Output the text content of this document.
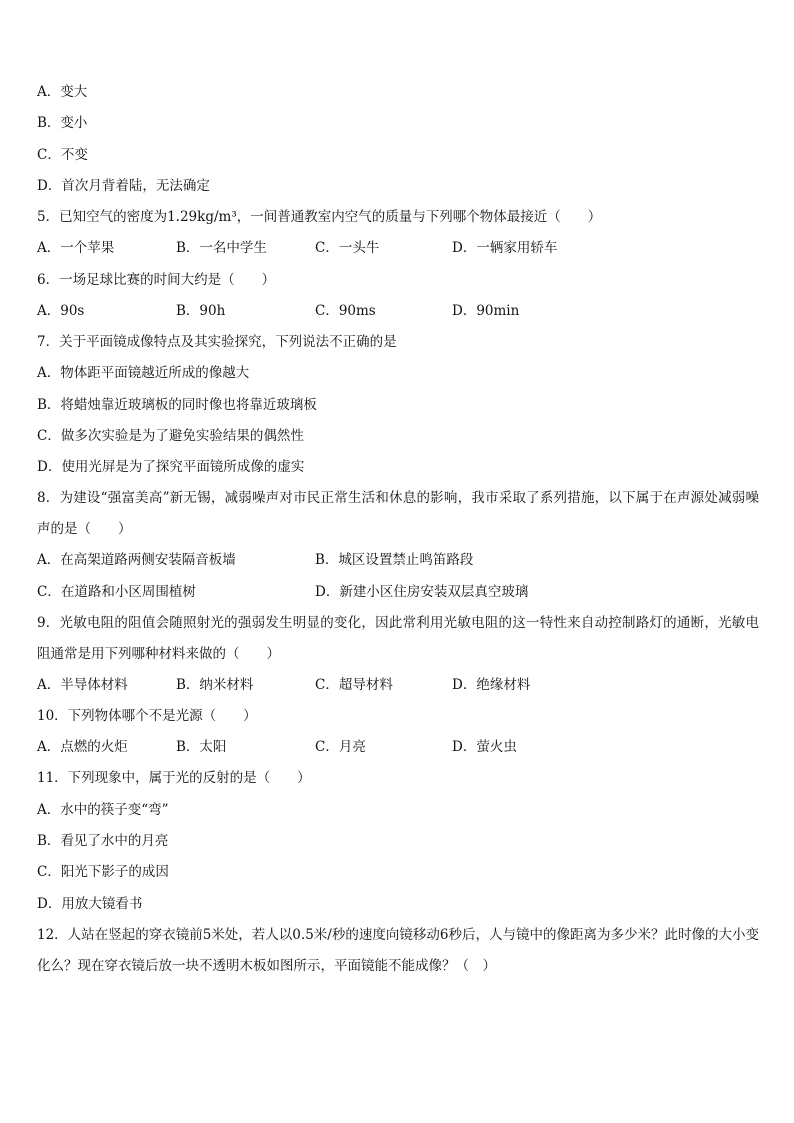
A．变大
B．变小
C．不变
D．首次月背着陆，无法确定
5．已知空气的密度为1.29kg/m³，一间普通教室内空气的质量与下列哪个物体最接近（　　）
A．一个苹果	B．一名中学生	C．一头牛	D．一辆家用轿车
6．一场足球比赛的时间大约是（　　）
A．90s	B．90h	C．90ms	D．90min
7．关于平面镜成像特点及其实验探究，下列说法不正确的是
A．物体距平面镜越近所成的像越大
B．将蜡烛靠近玻璃板的同时像也将靠近玻璃板
C．做多次实验是为了避免实验结果的偶然性
D．使用光屏是为了探究平面镜所成像的虚实
8．为建设“强富美高”新无锡，减弱噪声对市民正常生活和休息的影响，我市采取了系列措施，以下属于在声源处减弱噪声的是（　　）
A．在高架道路两侧安装隔音板墙	B．城区设置禁止鸣笛路段
C．在道路和小区周围植树	D．新建小区住房安装双层真空玻璃
9．光敏电阻的阻值会随照射光的强弱发生明显的变化，因此常利用光敏电阻的这一特性来自动控制路灯的通断，光敏电阻通常是用下列哪种材料来做的（　　）
A．半导体材料	B．纳米材料	C．超导材料	D．绝缘材料
10．下列物体哪个不是光源（　　）
A．点燃的火炬	B．太阳	C．月亮	D．萤火虫
11．下列现象中，属于光的反射的是（　　）
A．水中的筷子变“弯”
B．看见了水中的月亮
C．阳光下影子的成因
D．用放大镜看书
12．人站在竖起的穿衣镜前5米处，若人以0.5米/秒的速度向镜移动6秒后，人与镜中的像距离为多少米？此时像的大小变化么？现在穿衣镜后放一块不透明木板如图所示，平面镜能不能成像？（　）
